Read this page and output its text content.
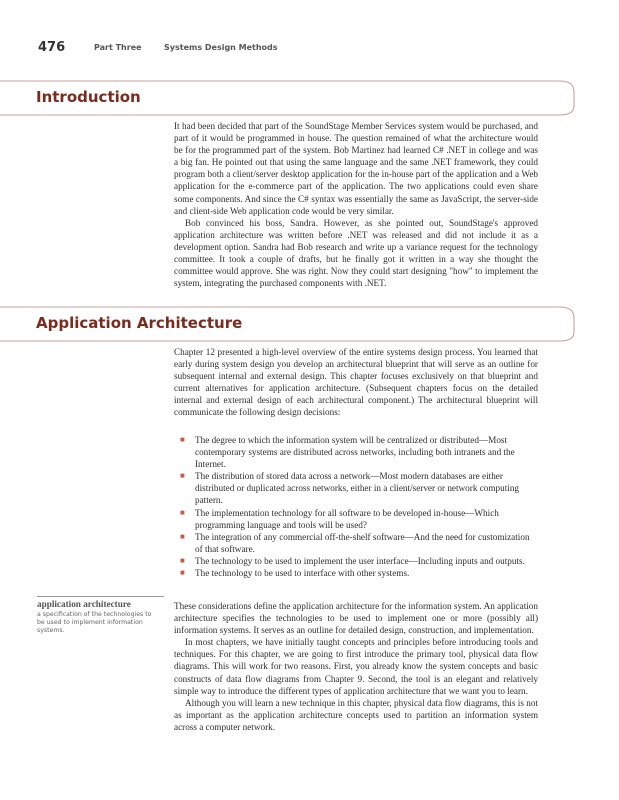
476	Part Three	Systems Design Methods
Introduction

It had been decided that part of the SoundStage Member Services system would be purchased, and part of it would be programmed in house. The question remained of what the architecture would be for the programmed part of the system. Bob Martinez had learned C# .NET in college and was a big fan. He pointed out that using the same language and the same .NET framework, they could program both a client/server desktop application for the in-house part of the application and a Web application for the e-commerce part of the application. The two applications could even share some components. And since the C# syntax was essentially the same as JavaScript, the server-side and client-side Web application code would be very similar.

Bob convinced his boss, Sandra. However, as she pointed out, SoundStage's approved application architecture was written before .NET was released and did not include it as a development option. Sandra had Bob research and write up a variance request for the technology committee. It took a couple of drafts, but he finally got it written in a way she thought the committee would approve. She was right. Now they could start designing "how" to implement the system, integrating the purchased components with .NET.

Application Architecture

Chapter 12 presented a high-level overview of the entire systems design process. You learned that early during system design you develop an architectural blueprint that will serve as an outline for subsequent internal and external design. This chapter focuses exclusively on that blueprint and current alternatives for application architecture. (Subsequent chapters focus on the detailed internal and external design of each architectural component.) The architectural blueprint will communicate the following design decisions:

■ The degree to which the information system will be centralized or distributed—Most contemporary systems are distributed across networks, including both intranets and the Internet.
■ The distribution of stored data across a network—Most modern databases are either distributed or duplicated across networks, either in a client/server or network computing pattern.
■ The implementation technology for all software to be developed in-house—Which programming language and tools will be used?
■ The integration of any commercial off-the-shelf software—And the need for customization of that software.
■ The technology to be used to implement the user interface—Including inputs and outputs.
■ The technology to be used to interface with other systems.
application architecture
a specification of the technologies to be used to implement information systems.

These considerations define the application architecture for the information system. An application architecture specifies the technologies to be used to implement one or more (possibly all) information systems. It serves as an outline for detailed design, construction, and implementation.

In most chapters, we have initially taught concepts and principles before introducing tools and techniques. For this chapter, we are going to first introduce the primary tool, physical data flow diagrams. This will work for two reasons. First, you already know the system concepts and basic constructs of data flow diagrams from Chapter 9. Second, the tool is an elegant and relatively simple way to introduce the different types of application architecture that we want you to learn.

Although you will learn a new technique in this chapter, physical data flow diagrams, this is not as important as the application architecture concepts used to partition an information system across a computer network.
